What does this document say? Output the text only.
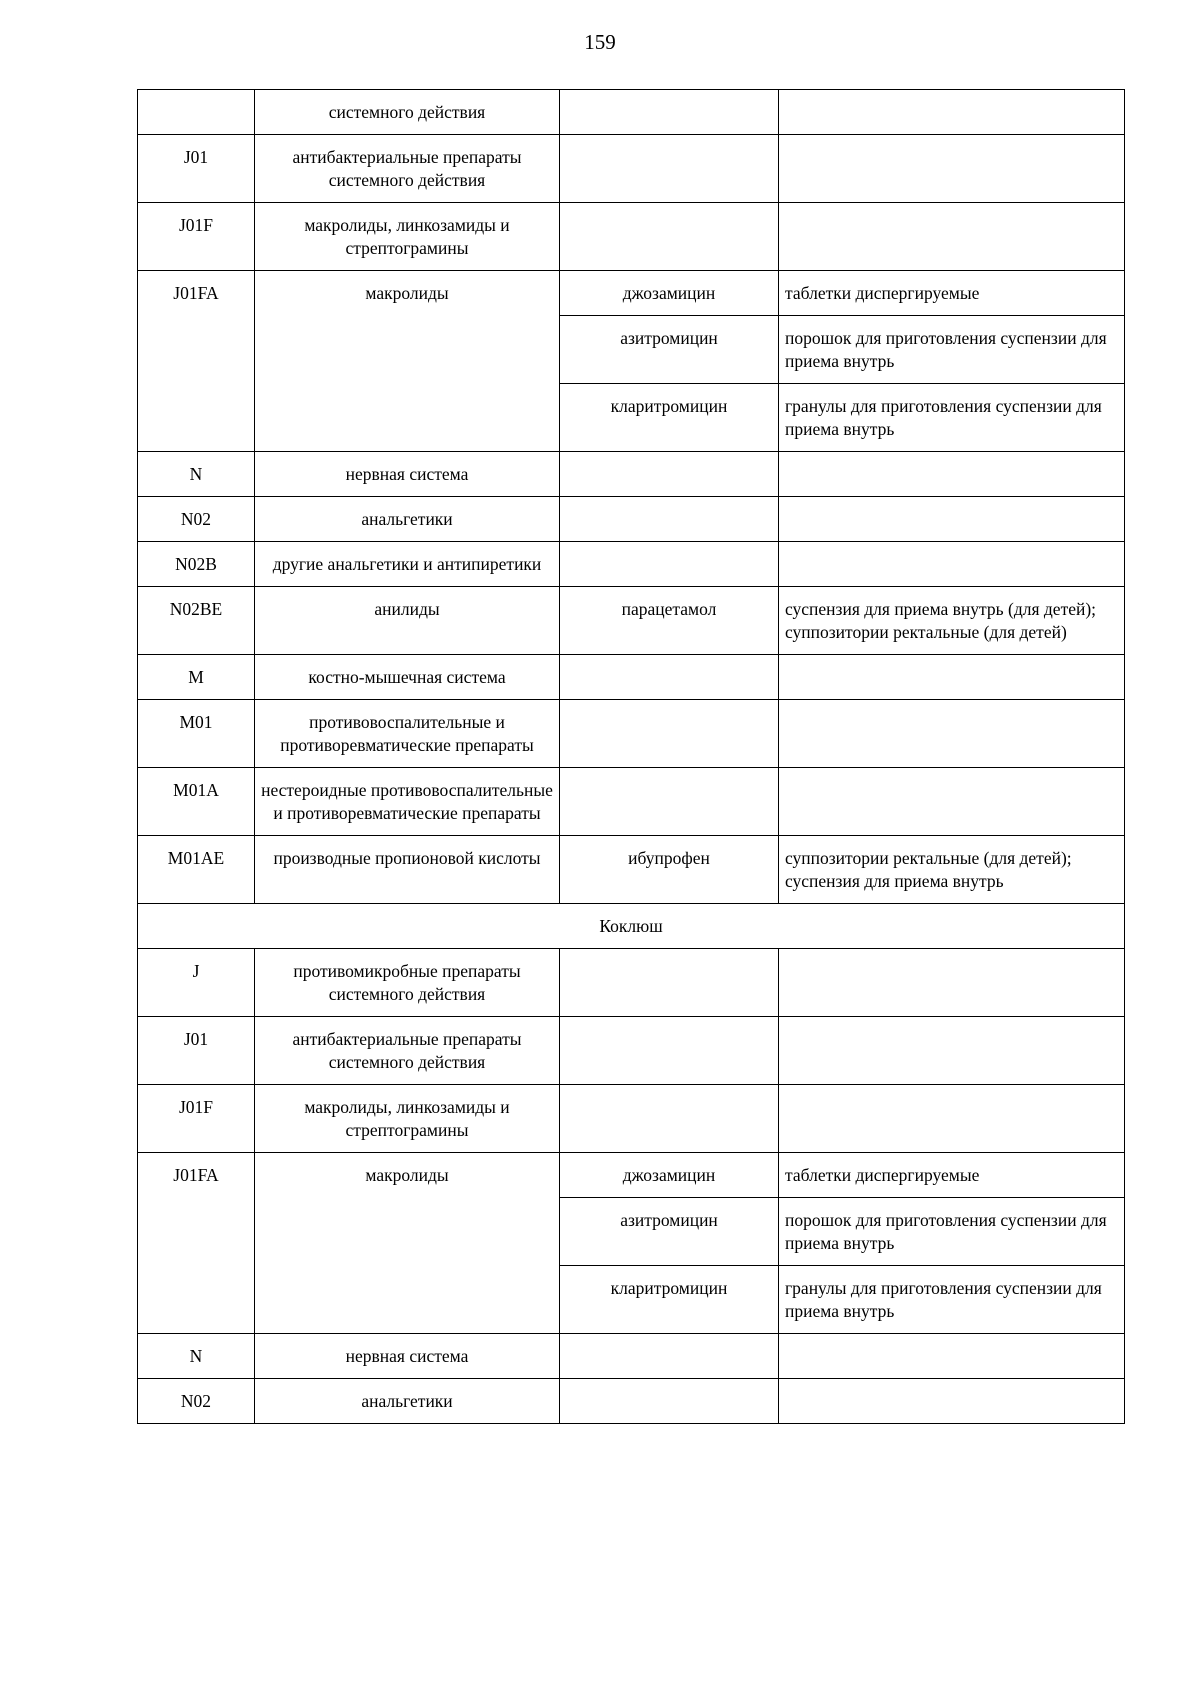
159
	системного действия		
J01	антибактериальные препараты системного действия		
J01F	макролиды, линкозамиды и стрептограмины		
J01FA	макролиды	джозамицин	таблетки диспергируемые
		азитромицин	порошок для приготовления суспензии для приема внутрь
		кларитромицин	гранулы для приготовления суспензии для приема внутрь
N	нервная система		
N02	анальгетики		
N02B	другие анальгетики и антипиретики		
N02BE	анилиды	парацетамол	суспензия для приема внутрь (для детей);
суппозитории ректальные (для детей)

M	костно-мышечная система		
M01	противовоспалительные и противоревматические препараты		
M01A	нестероидные противовоспалительные и противоревматические препараты		
M01AE	производные пропионовой кислоты	ибупрофен	суппозитории ректальные (для детей);
суспензия для приема внутрь

Коклюш			
J	противомикробные препараты системного действия		
J01	антибактериальные препараты системного действия		
J01F	макролиды, линкозамиды и стрептограмины		
J01FA	макролиды	джозамицин	таблетки диспергируемые
		азитромицин	порошок для приготовления суспензии для приема внутрь
		кларитромицин	гранулы для приготовления суспензии для приема внутрь
N	нервная система		
N02	анальгетики		
